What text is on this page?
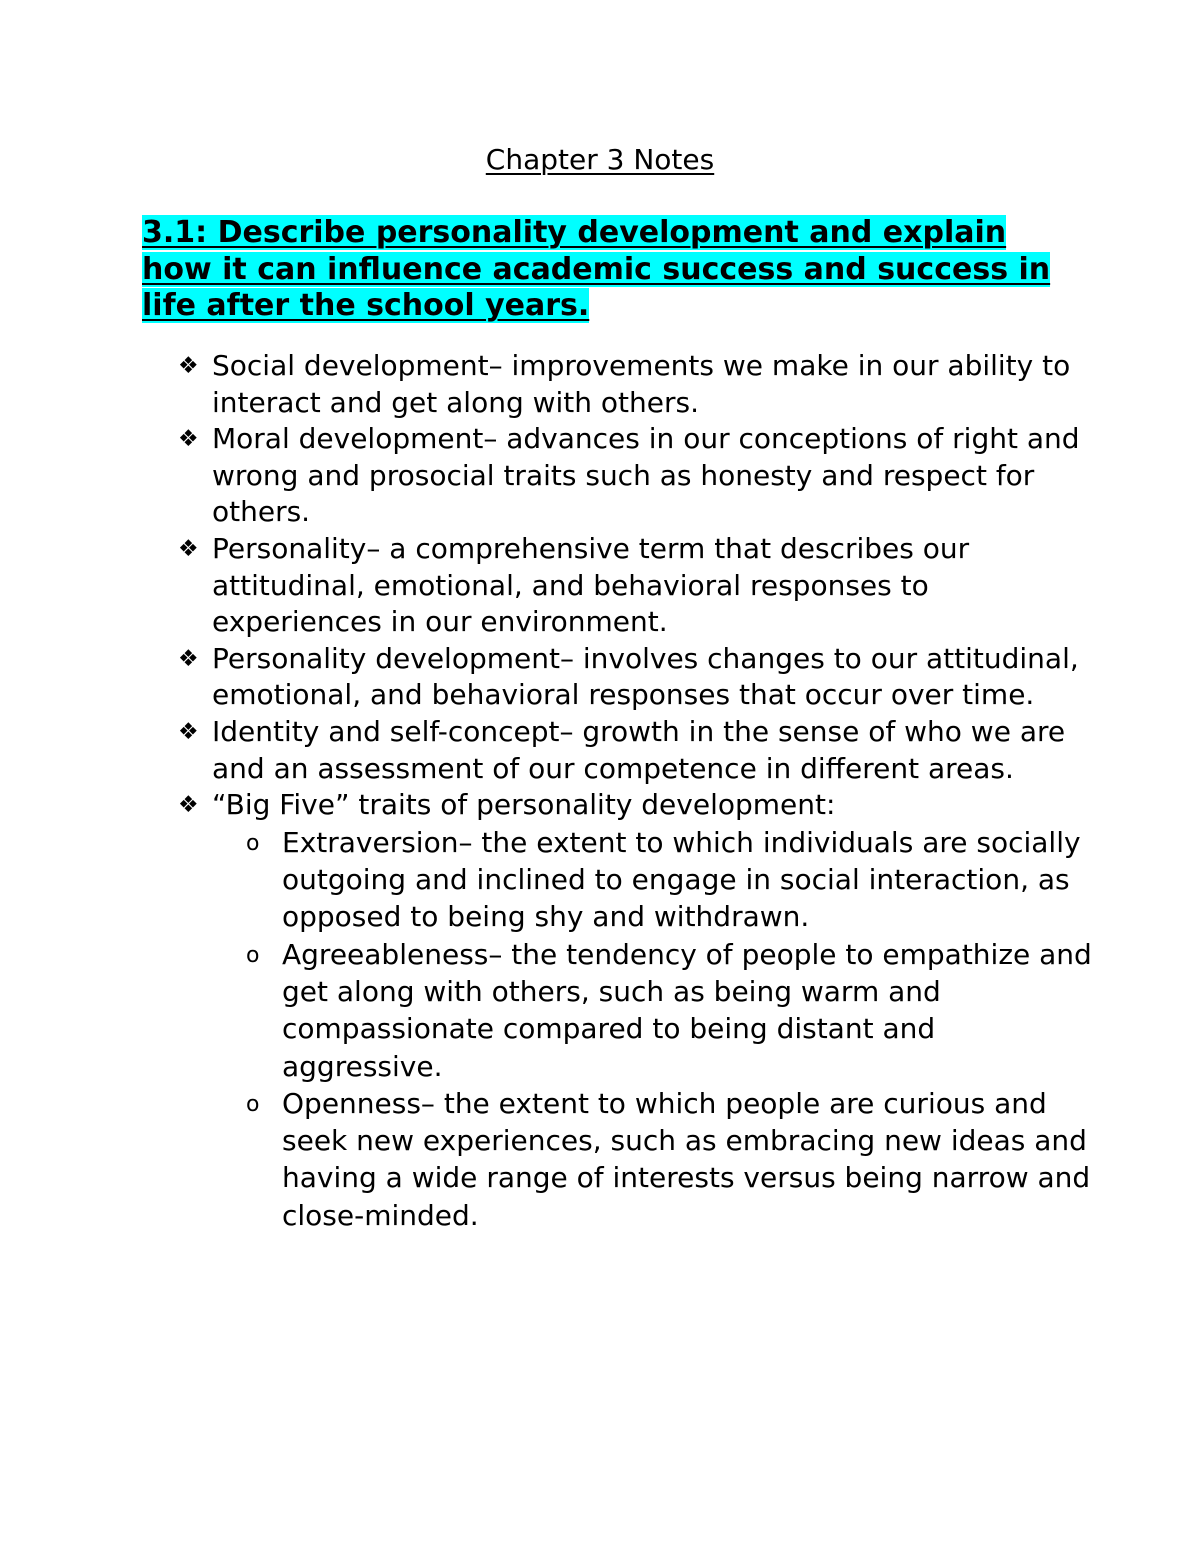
Chapter 3 Notes
3.1: Describe personality development and explain how it can influence academic success and success in life after the school years.
❖ Social development– improvements we make in our ability to interact and get along with others.
❖ Moral development– advances in our conceptions of right and wrong and prosocial traits such as honesty and respect for others.
❖ Personality– a comprehensive term that describes our attitudinal, emotional, and behavioral responses to experiences in our environment.
❖ Personality development– involves changes to our attitudinal, emotional, and behavioral responses that occur over time.
❖ Identity and self-concept– growth in the sense of who we are and an assessment of our competence in different areas.
❖ “Big Five” traits of personality development:
o Extraversion– the extent to which individuals are socially outgoing and inclined to engage in social interaction, as opposed to being shy and withdrawn.
o Agreeableness– the tendency of people to empathize and get along with others, such as being warm and compassionate compared to being distant and aggressive.
o Openness– the extent to which people are curious and seek new experiences, such as embracing new ideas and having a wide range of interests versus being narrow and close-minded.
